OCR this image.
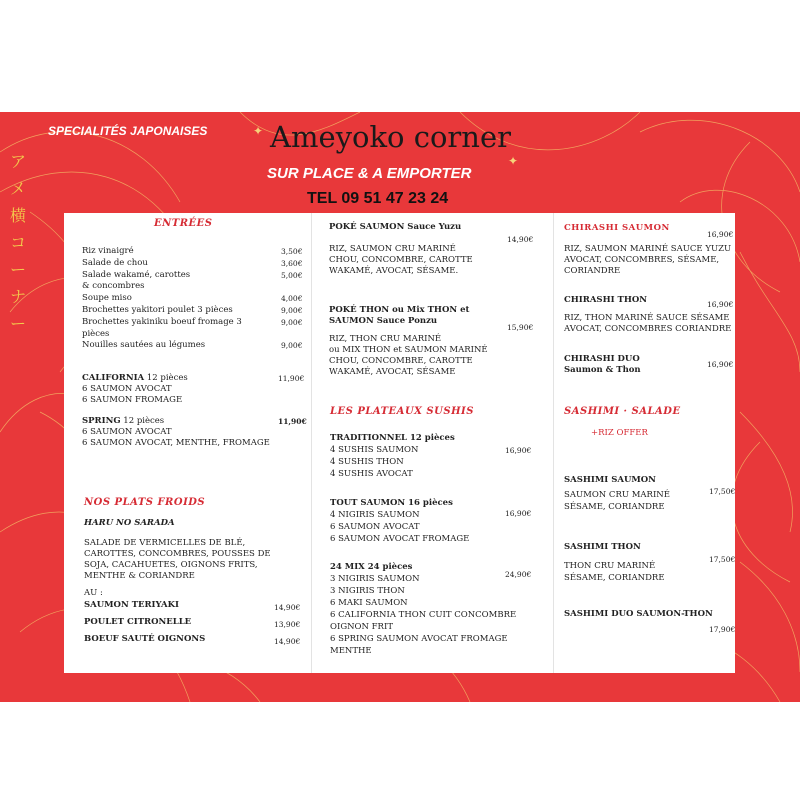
SPECIALITÉS JAPONAISES Ameyoko corner
SUR PLACE & A EMPORTER
TEL 09 51 47 23 24
ア
メ
横
コ
ー
ナ
ー
✦
✦
ENTRÉES
Riz vinaigré	3,50€
Salade de chou	3,60€
Salade wakamé, carottes	5,00€
& concombres
Soupe miso	4,00€
Brochettes yakitori poulet 3 pièces	9,00€
Brochettes yakiniku boeuf fromage 3	9,00€
pièces
Nouilles sautées au légumes	9,00€
CALIFORNIA 12 pièces	11,90€
6 SAUMON AVOCAT
6 SAUMON FROMAGE
SPRING 12 pièces	11,90€
6 SAUMON AVOCAT
6 SAUMON AVOCAT, MENTHE, FROMAGE
NOS PLATS FROIDS
HARU NO SARADA
SALADE DE VERMICELLES DE BLÉ,
CAROTTES, CONCOMBRES, POUSSES DE
SOJA, CACAHUETES, OIGNONS FRITS,
MENTHE & CORIANDRE
AU :
SAUMON TERIYAKI	14,90€
POULET CITRONELLE	13,90€
BOEUF SAUTÉ OIGNONS	14,90€
POKÉ SAUMON Sauce Yuzu
14,90€
RIZ, SAUMON CRU MARINÉ
CHOU, CONCOMBRE, CAROTTE
WAKAMÉ, AVOCAT, SÉSAME.
POKÉ THON ou Mix THON et
SAUMON Sauce Ponzu
15,90€
RIZ, THON CRU MARINÉ
ou MIX THON et SAUMON MARINÉ
CHOU, CONCOMBRE, CAROTTE
WAKAMÉ, AVOCAT, SÉSAME
LES PLATEAUX SUSHIS
TRADITIONNEL 12 pièces
16,90€
4 SUSHIS SAUMON
4 SUSHIS THON
4 SUSHIS AVOCAT
TOUT SAUMON 16 pièces
16,90€
4 NIGIRIS SAUMON
6 SAUMON AVOCAT
6 SAUMON AVOCAT FROMAGE
24 MIX 24 pièces
24,90€
3 NIGIRIS SAUMON
3 NIGIRIS THON
6 MAKI SAUMON
6 CALIFORNIA THON CUIT CONCOMBRE
OIGNON FRIT
6 SPRING SAUMON AVOCAT FROMAGE
MENTHE
CHIRASHI SAUMON
16,90€
RIZ, SAUMON MARINÉ SAUCE YUZU
AVOCAT, CONCOMBRES, SÉSAME,
CORIANDRE
CHIRASHI THON	16,90€
RIZ, THON MARINÉ SAUCE SÉSAME
AVOCAT, CONCOMBRES CORIANDRE
CHIRASHI DUO
Saumon & Thon
16,90€
SASHIMI · SALADE
+RIZ OFFER
SASHIMI SAUMON
17,50€
SAUMON CRU MARINÉ
SÉSAME, CORIANDRE
SASHIMI THON
17,50€
THON CRU MARINÉ
SÉSAME, CORIANDRE
SASHIMI DUO SAUMON-THON
17,90€
